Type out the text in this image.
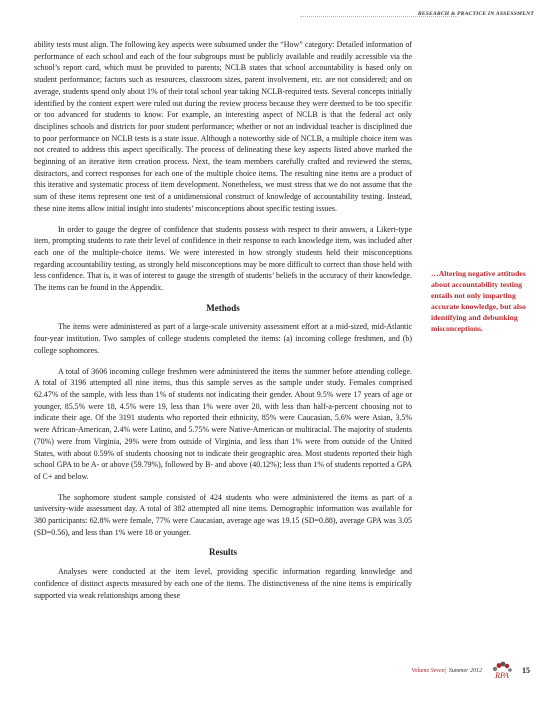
RESEARCH & PRACTICE IN ASSESSMENT

ability tests must align. The following key aspects were subsumed under the “How” category: Detailed information of performance of each school and each of the four subgroups must be publicly available and readily accessible via the school’s report card, which must be provided to parents; NCLB states that school accountability is based only on student performance; factors such as resources, classroom sizes, parent involvement, etc. are not considered; and on average, students spend only about 1% of their total school year taking NCLB-required tests. Several concepts initially identified by the content expert were ruled out during the review process because they were deemed to be too specific or too advanced for students to know. For example, an interesting aspect of NCLB is that the federal act only disciplines schools and districts for poor student performance; whether or not an individual teacher is disciplined due to poor performance on NCLB tests is a state issue. Although a noteworthy side of NCLB, a multiple choice item was not created to address this aspect specifically. The process of delineating these key aspects listed above marked the beginning of an iterative item creation process. Next, the team members carefully crafted and reviewed the stems, distractors, and correct responses for each one of the multiple choice items. The resulting nine items are a product of this iterative and systematic process of item development. Nonetheless, we must stress that we do not assume that the sum of these items represent one test of a unidimensional construct of knowledge of accountability testing. Instead, these nine items allow initial insight into students’ misconceptions about specific testing issues.

In order to gauge the degree of confidence that students possess with respect to their answers, a Likert-type item, prompting students to rate their level of confidence in their response to each knowledge item, was included after each one of the multiple-choice items. We were interested in how strongly students held their misconceptions regarding accountability testing, as strongly held misconceptions may be more difficult to correct than those held with less confidence. That is, it was of interest to gauge the strength of students’ beliefs in the accuracy of their knowledge. The items can be found in the Appendix.

Methods

The items were administered as part of a large-scale university assessment effort at a mid-sized, mid-Atlantic four-year institution. Two samples of college students completed the items: (a) incoming college freshmen, and (b) college sophomores.

A total of 3606 incoming college freshmen were administered the items the summer before attending college. A total of 3196 attempted all nine items, thus this sample serves as the sample under study. Females comprised 62.47% of the sample, with less than 1% of students not indicating their gender. About 9.5% were 17 years of age or younger, 85.5% were 18, 4.5% were 19, less than 1% were over 20, with less than half-a-percent choosing not to indicate their age. Of the 3191 students who reported their ethnicity, 85% were Caucasian, 5.6% were Asian, 3.5% were African-American, 2.4% were Latino, and 5.75% were Native-American or multiracial. The majority of students (70%) were from Virginia, 29% were from outside of Virginia, and less than 1% were from outside of the United States, with about 0.59% of students choosing not to indicate their geographic area. Most students reported their high school GPA to be A- or above (59.79%), followed by B- and above (40.12%); less than 1% of students reported a GPA of C+ and below.

The sophomore student sample consisted of 424 students who were administered the items as part of a university-wide assessment day. A total of 382 attempted all nine items. Demographic information was available for 380 participants: 62.8% were female, 77% were Caucasian, average age was 19.15 (SD=0.88), average GPA was 3.05 (SD=0.56), and less than 1% were 18 or younger.

Results

Analyses were conducted at the item level, providing specific information regarding knowledge and confidence of distinct aspects measured by each one of the items. The distinctiveness of the nine items is empirically supported via weak relationships among these

…Altering negative attitudes about accountability testing entails not only imparting accurate knowledge, but also identifying and debunking misconceptions.
Volume Seven | Summer 2012
RPA
15
